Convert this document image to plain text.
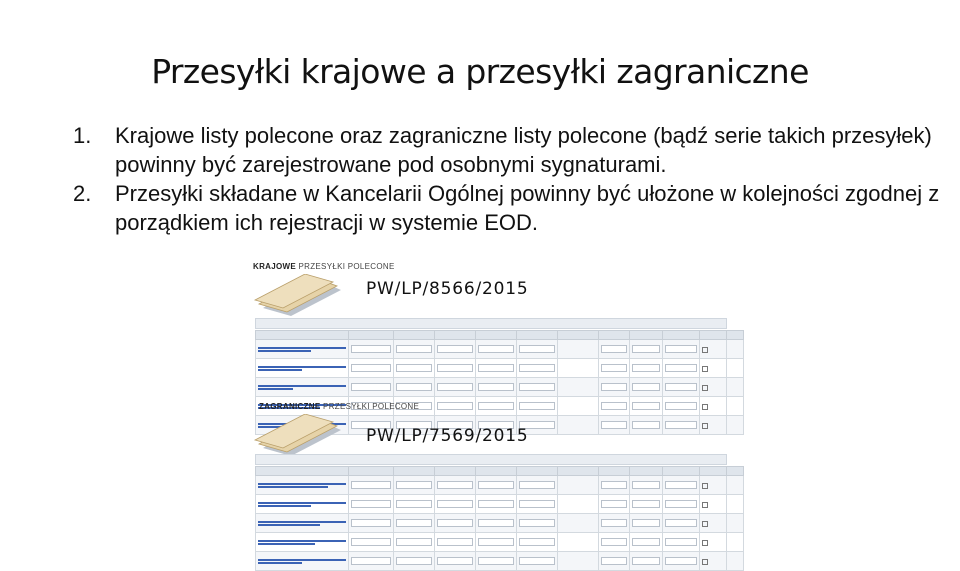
Przesyłki krajowe a przesyłki zagraniczne
1.	Krajowe listy polecone oraz zagraniczne listy polecone (bądź serie takich przesyłek) powinny być zarejestrowane pod osobnymi sygnaturami.
2.	Przesyłki składane w Kancelarii Ogólnej powinny być ułożone w kolejności zgodnej z porządkiem ich rejestracji w systemie EOD.
KRAJOWE PRZESYŁKI POLECONE
PW/LP/8566/2015

ZAGRANICZNE PRZESYŁKI POLECONE
PW/LP/7569/2015
